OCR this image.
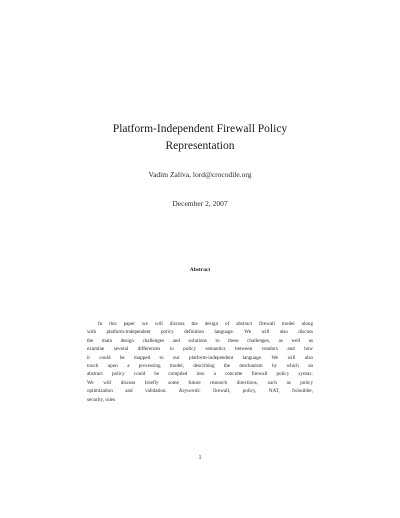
Platform-Independent Firewall Policy
Representation
Vadim Zaliva, lord@crocodile.org
December 2, 2007
Abstract
In this paper we will discuss the design of abstract firewall model along
with platform-independent policy definition language. We will also discuss
the main design challenges and solutions to these challenges, as well as
examine several differences in policy semantics between vendors and how
it could be mapped to our platform-independent language. We will also
touch upon a processing model, describing the mechanism by which an
abstract policy could be compiled into a concrete firewall policy syntax.
We will discuss briefly some future research directions, such as policy
optimization and validation. Keywords: firewall, policy, NAT, fwbuilder,
security, rules
1
